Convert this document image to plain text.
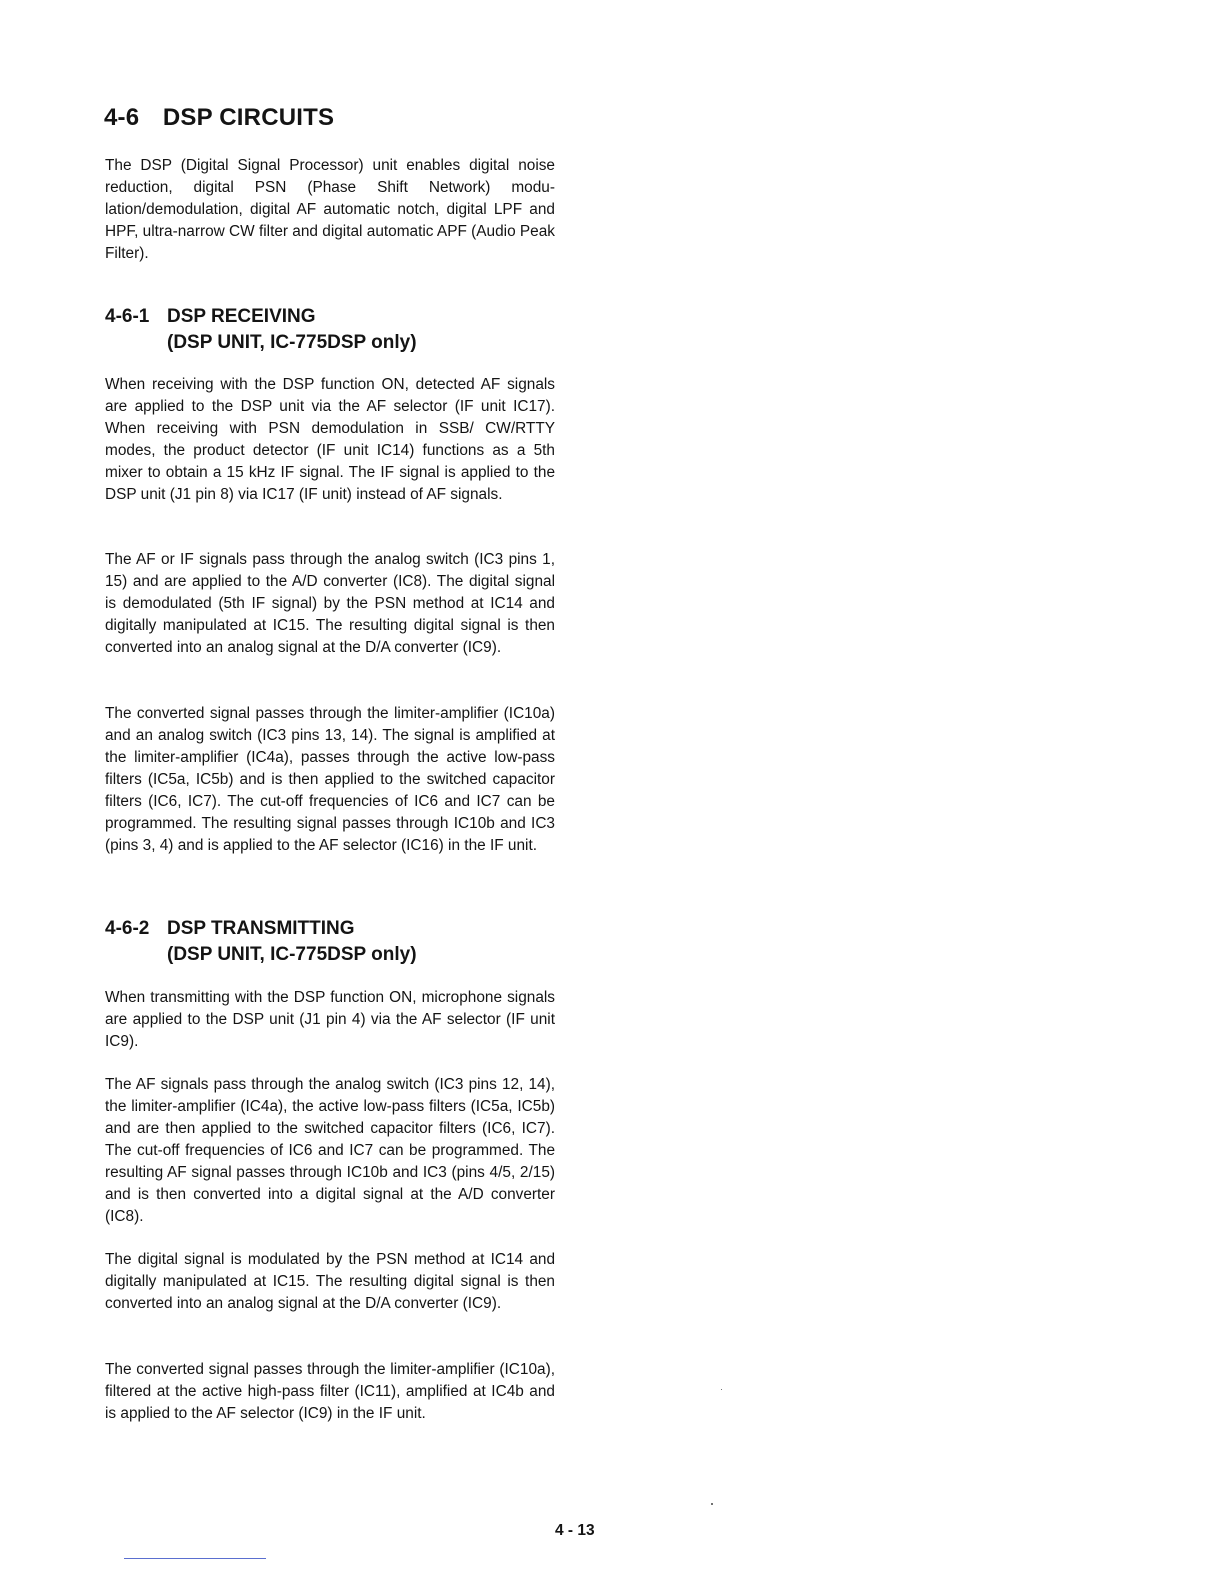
4-6 DSP CIRCUITS

The DSP (Digital Signal Processor) unit enables digital noise reduction, digital PSN (Phase Shift Network) modulation/demodulation, digital AF automatic notch, digital LPF and HPF, ultra-narrow CW filter and digital automatic APF (Audio Peak Filter).

4-6-1 DSP RECEIVING
(DSP UNIT, IC-775DSP only)

When receiving with the DSP function ON, detected AF signals are applied to the DSP unit via the AF selector (IF unit IC17). When receiving with PSN demodulation in SSB/ CW/RTTY modes, the product detector (IF unit IC14) functions as a 5th mixer to obtain a 15 kHz IF signal. The IF signal is applied to the DSP unit (J1 pin 8) via IC17 (IF unit) instead of AF signals.

The AF or IF signals pass through the analog switch (IC3 pins 1, 15) and are applied to the A/D converter (IC8). The digital signal is demodulated (5th IF signal) by the PSN method at IC14 and digitally manipulated at IC15. The resulting digital signal is then converted into an analog signal at the D/A converter (IC9).

The converted signal passes through the limiter-amplifier (IC10a) and an analog switch (IC3 pins 13, 14). The signal is amplified at the limiter-amplifier (IC4a), passes through the active low-pass filters (IC5a, IC5b) and is then applied to the switched capacitor filters (IC6, IC7). The cut-off frequencies of IC6 and IC7 can be programmed. The resulting signal passes through IC10b and IC3 (pins 3, 4) and is applied to the AF selector (IC16) in the IF unit.

4-6-2 DSP TRANSMITTING
(DSP UNIT, IC-775DSP only)

When transmitting with the DSP function ON, microphone signals are applied to the DSP unit (J1 pin 4) via the AF selector (IF unit IC9).

The AF signals pass through the analog switch (IC3 pins 12, 14), the limiter-amplifier (IC4a), the active low-pass filters (IC5a, IC5b) and are then applied to the switched capacitor filters (IC6, IC7). The cut-off frequencies of IC6 and IC7 can be programmed. The resulting AF signal passes through IC10b and IC3 (pins 4/5, 2/15) and is then converted into a digital signal at the A/D converter (IC8).

The digital signal is modulated by the PSN method at IC14 and digitally manipulated at IC15. The resulting digital signal is then converted into an analog signal at the D/A converter (IC9).

The converted signal passes through the limiter-amplifier (IC10a), filtered at the active high-pass filter (IC11), amplified at IC4b and is applied to the AF selector (IC9) in the IF unit.

4 - 13
